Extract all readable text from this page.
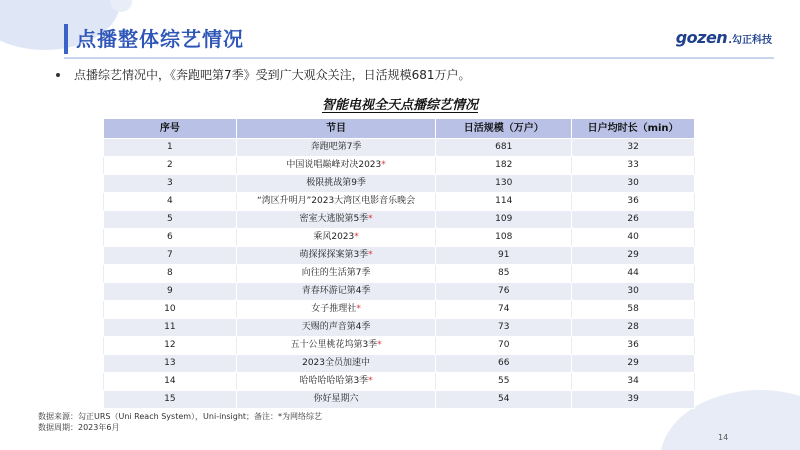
点播整体综艺情况	gozen .勾正科技
点播综艺情况中，《奔跑吧第7季》受到广大观众关注，日活规模681万户。
智能电视全天点播综艺情况
序号	节目	日活规模（万户）	日户均时长（min）
1	奔跑吧第7季	681	32
2	中国说唱巅峰对决2023*	182	33
3	极限挑战第9季	130	30
4	“湾区升明月”2023大湾区电影音乐晚会	114	36
5	密室大逃脱第5季*	109	26
6	乘风2023*	108	40
7	萌探探探案第3季*	91	29
8	向往的生活第7季	85	44
9	青春环游记第4季	76	30
10	女子推理社*	74	58
11	天赐的声音第4季	73	28
12	五十公里桃花坞第3季*	70	36
13	2023全员加速中	66	29
14	哈哈哈哈哈第3季*	55	34
15	你好星期六	54	39
数据来源：勾正URS（Uni Reach System），Uni-insight；备注：*为网络综艺
数据周期：2023年6月
14
